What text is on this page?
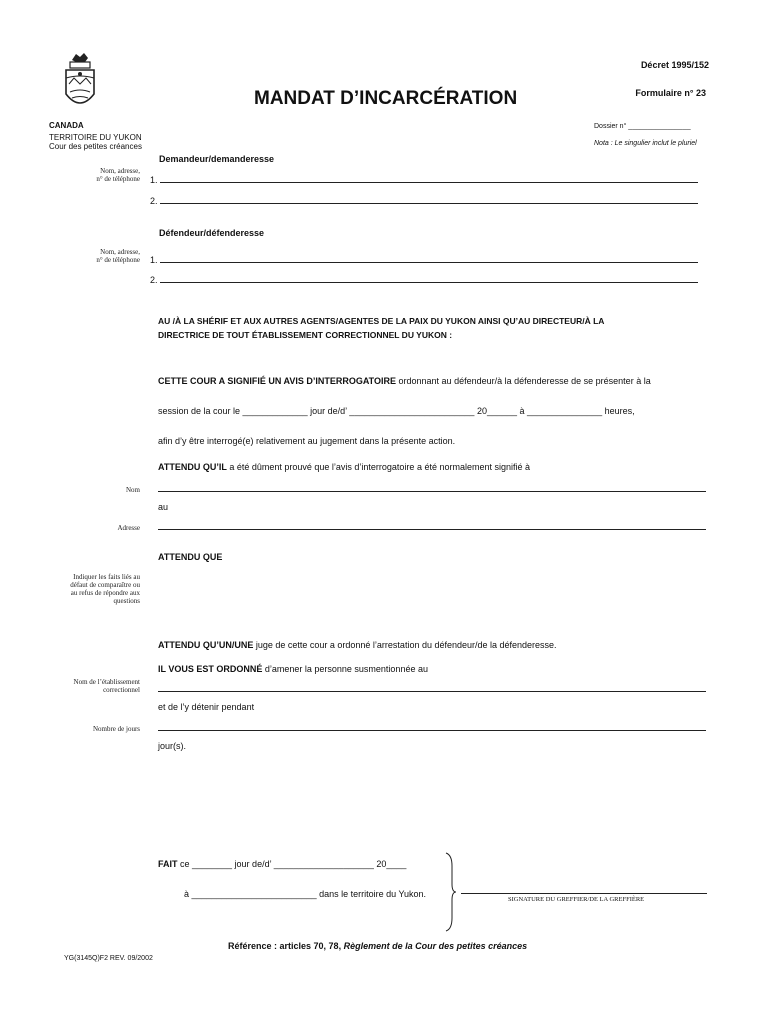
CANADA
TERRITOIRE DU YUKON
Cour des petites créances
Décret 1995/152
MANDAT D’INCARCÉRATION	Formulaire n° 23
Dossier n° ________________
Nota : Le singulier inclut le pluriel
Demandeur/demanderesse
Nom, adresse,
n° de téléphone 1.
2.
Défendeur/défenderesse
Nom, adresse,
n° de téléphone 1.
2.
AU /À LA SHÉRIF ET AUX AUTRES AGENTS/AGENTES DE LA PAIX DU YUKON AINSI QU’AU DIRECTEUR/À LA
DIRECTRICE DE TOUT ÉTABLISSEMENT CORRECTIONNEL DU YUKON :
CETTE COUR A SIGNIFIÉ UN AVIS D’INTERROGATOIRE ordonnant au défendeur/à la défenderesse de se présenter à la
session de la cour le _____________ jour de/d’ _________________________ 20______ à _______________ heures,
afin d’y être interrogé(e) relativement au jugement dans la présente action.
ATTENDU QU’IL a été dûment prouvé que l’avis d’interrogatoire a été normalement signifié à
Nom
au
Adresse
ATTENDU QUE
Indiquer les faits liés au
défaut de comparaître ou
au refus de répondre aux
questions
ATTENDU QU’UN/UNE juge de cette cour a ordonné l’arrestation du défendeur/de la défenderesse.
IL VOUS EST ORDONNÉ d’amener la personne susmentionnée au
Nom de l’établissement
correctionnel
et de l’y détenir pendant
Nombre de jours
jour(s).
FAIT ce ________ jour de/d’ ____________________ 20____
à _________________________ dans le territoire du Yukon.
SIGNATURE DU GREFFIER/DE LA GREFFIÈRE
Référence : articles 70, 78, Règlement de la Cour des petites créances
YG(3145Q)F2 REV. 09/2002
